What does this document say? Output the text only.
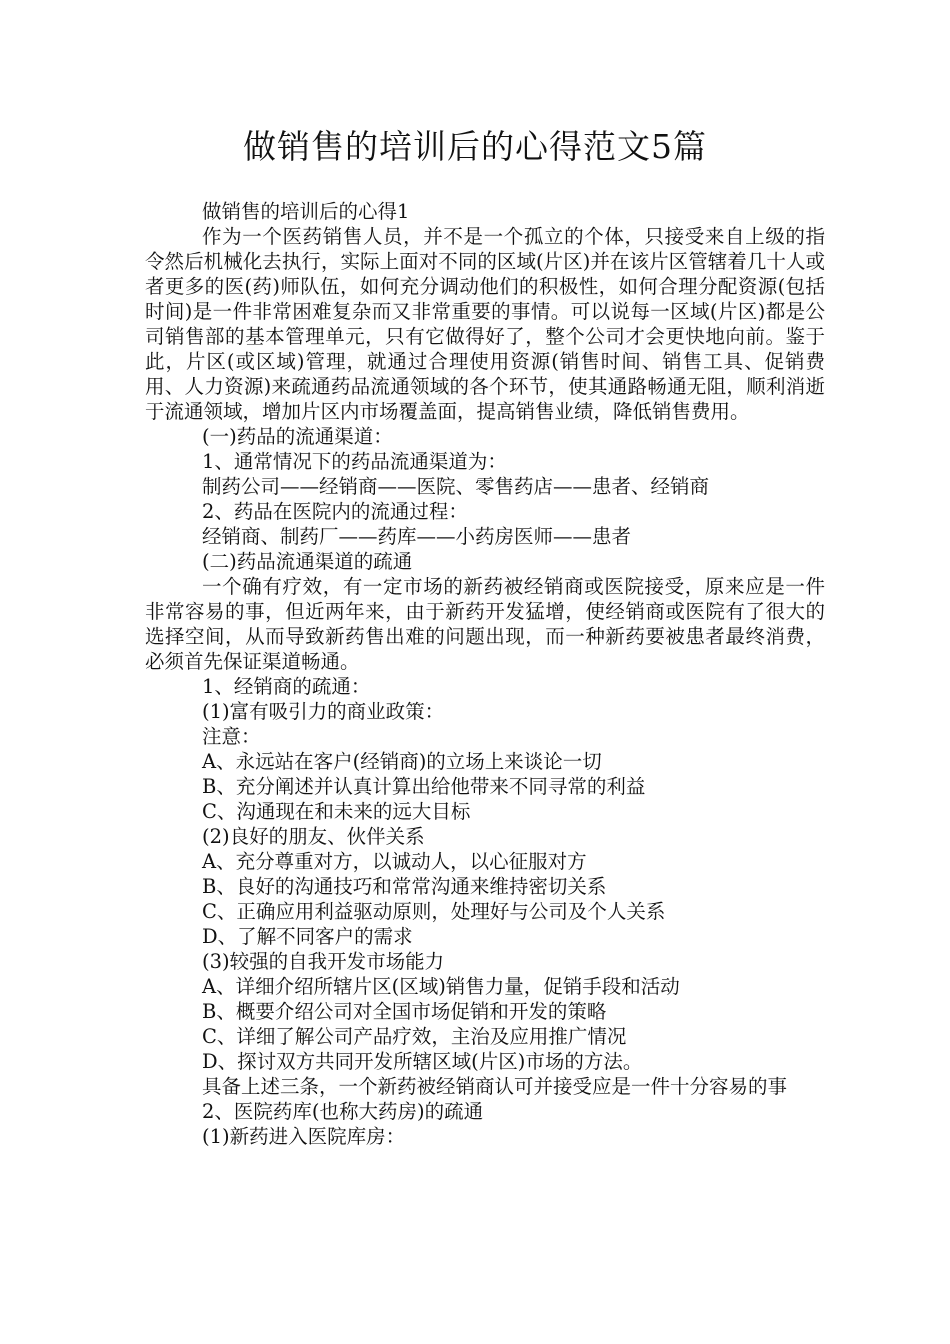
做销售的培训后的心得范文5篇

做销售的培训后的心得1

作为一个医药销售人员，并不是一个孤立的个体，只接受来自上级的指令然后机械化去执行，实际上面对不同的区域(片区)并在该片区管辖着几十人或者更多的医(药)师队伍，如何充分调动他们的积极性，如何合理分配资源(包括时间)是一件非常困难复杂而又非常重要的事情。可以说每一区域(片区)都是公司销售部的基本管理单元，只有它做得好了，整个公司才会更快地向前。鉴于此，片区(或区域)管理，就通过合理使用资源(销售时间、销售工具、促销费用、人力资源)来疏通药品流通领域的各个环节，使其通路畅通无阻，顺利消逝于流通领域，增加片区内市场覆盖面，提高销售业绩，降低销售费用。

(一)药品的流通渠道：

1、通常情况下的药品流通渠道为：

制药公司——经销商——医院、零售药店——患者、经销商

2、药品在医院内的流通过程：

经销商、制药厂——药库——小药房医师——患者

(二)药品流通渠道的疏通

一个确有疗效，有一定市场的新药被经销商或医院接受，原来应是一件非常容易的事，但近两年来，由于新药开发猛增，使经销商或医院有了很大的选择空间，从而导致新药售出难的问题出现，而一种新药要被患者最终消费，必须首先保证渠道畅通。

1、经销商的疏通：

(1)富有吸引力的商业政策：

注意：

A、永远站在客户(经销商)的立场上来谈论一切

B、充分阐述并认真计算出给他带来不同寻常的利益

C、沟通现在和未来的远大目标

(2)良好的朋友、伙伴关系

A、充分尊重对方，以诚动人，以心征服对方

B、良好的沟通技巧和常常沟通来维持密切关系

C、正确应用利益驱动原则，处理好与公司及个人关系

D、了解不同客户的需求

(3)较强的自我开发市场能力

A、详细介绍所辖片区(区域)销售力量，促销手段和活动

B、概要介绍公司对全国市场促销和开发的策略

C、详细了解公司产品疗效，主治及应用推广情况

D、探讨双方共同开发所辖区域(片区)市场的方法。

具备上述三条，一个新药被经销商认可并接受应是一件十分容易的事

2、医院药库(也称大药房)的疏通

(1)新药进入医院库房：
